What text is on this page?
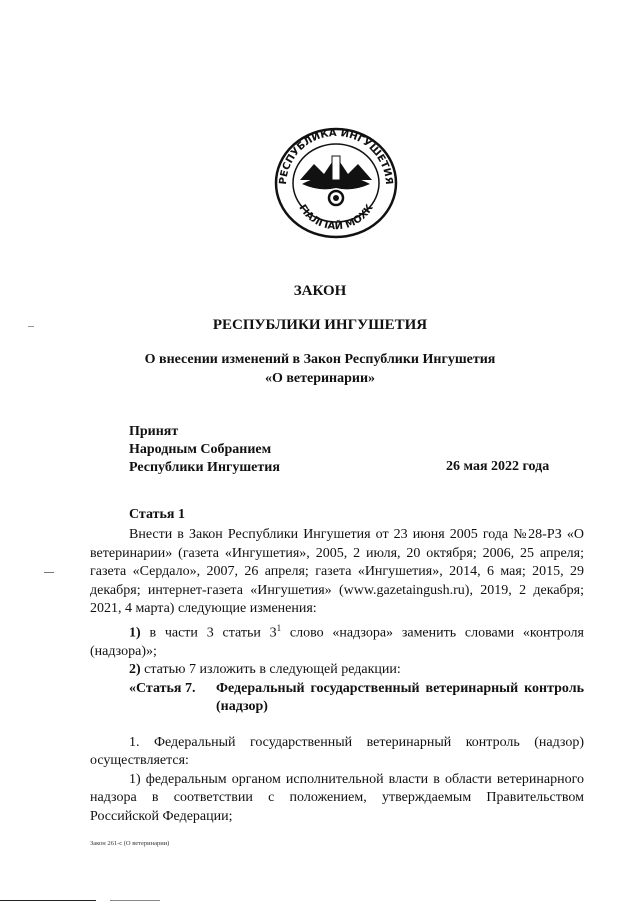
РЕСПУБЛИКА ИНГУШЕТИЯ
ГIАЛГIАЙ МОХК
ЗАКОН
РЕСПУБЛИКИ ИНГУШЕТИЯ
О внесении изменений в Закон Республики Ингушетия
«О ветеринарии»
Принят
Народным Собранием
Республики Ингушетия	26 мая 2022 года
Статья 1

Внести в Закон Республики Ингушетия от 23 июня 2005 года №28-РЗ «О ветеринарии» (газета «Ингушетия», 2005, 2 июля, 20 октября; 2006, 25 апреля; газета «Сердало», 2007, 26 апреля; газета «Ингушетия», 2014, 6 мая; 2015, 29 декабря; интернет-газета «Ингушетия» (www.gazetaingush.ru), 2019, 2 декабря; 2021, 4 марта) следующие изменения:

1) в части 3 статьи $3^1$ слово «надзора» заменить словами «контроля (надзора)»;

2) статью 7 изложить в следующей редакции:

«Статья 7.	Федеральный государственный ветеринарный контроль (надзор)

1. Федеральный государственный ветеринарный контроль (надзор) осуществляется:

1) федеральным органом исполнительной власти в области ветеринарного надзора в соответствии с положением, утверждаемым Правительством Российской Федерации;

Закон 261-с (О ветеринарии)
